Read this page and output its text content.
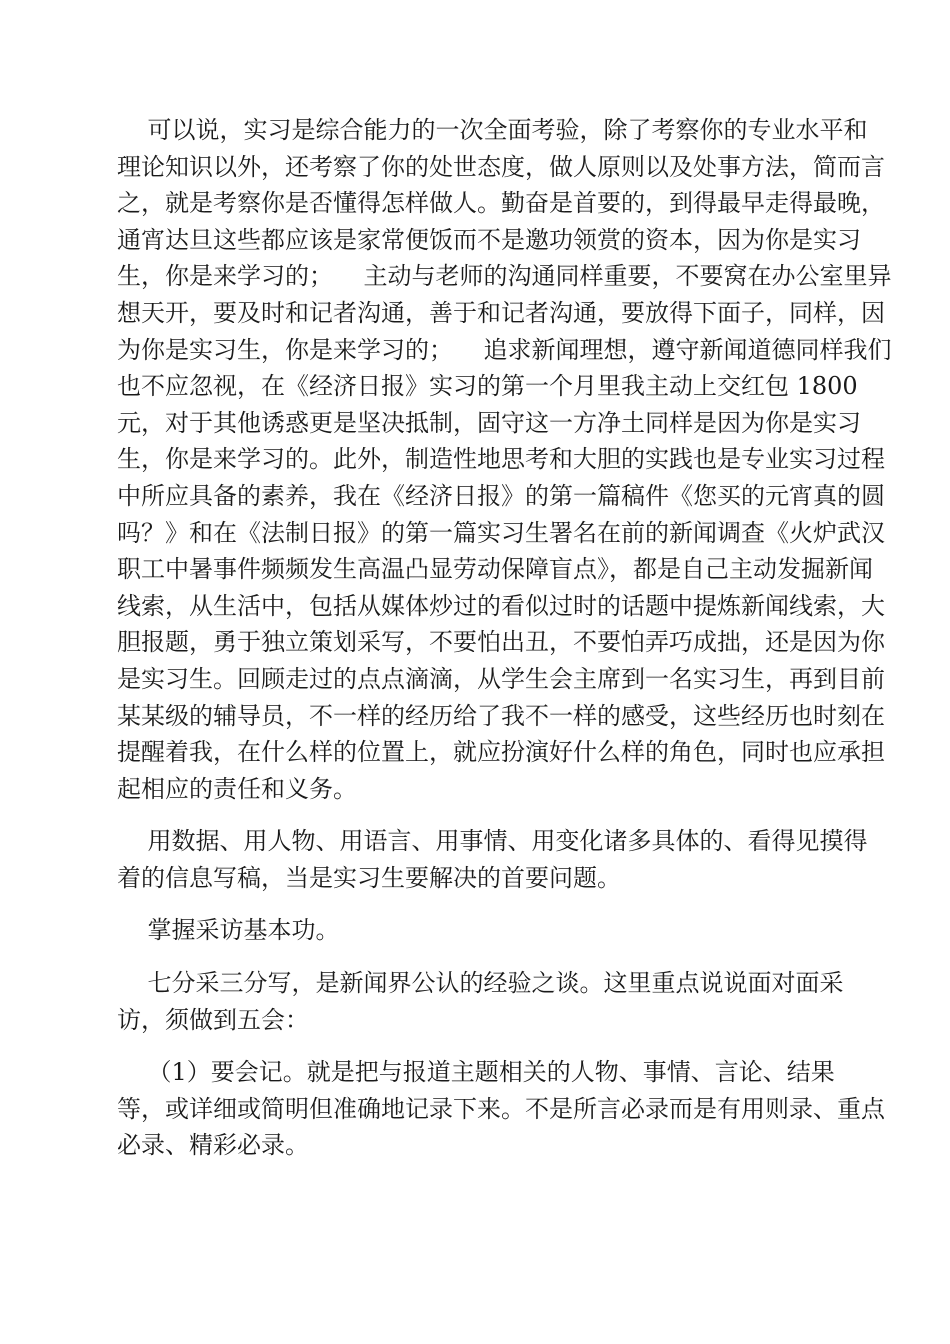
可以说，实习是综合能力的一次全面考验，除了考察你的专业水平和
理论知识以外，还考察了你的处世态度，做人原则以及处事方法，简而言
之，就是考察你是否懂得怎样做人。勤奋是首要的，到得最早走得最晚，
通宵达旦这些都应该是家常便饭而不是邀功领赏的资本，因为你是实习
生，你是来学习的；    主动与老师的沟通同样重要，不要窝在办公室里异
想天开，要及时和记者沟通，善于和记者沟通，要放得下面子，同样，因
为你是实习生，你是来学习的；    追求新闻理想，遵守新闻道德同样我们
也不应忽视，在《经济日报》实习的第一个月里我主动上交红包 1800
元，对于其他诱惑更是坚决抵制，固守这一方净土同样是因为你是实习
生，你是来学习的。此外，制造性地思考和大胆的实践也是专业实习过程
中所应具备的素养，我在《经济日报》的第一篇稿件《您买的元宵真的圆
吗？》和在《法制日报》的第一篇实习生署名在前的新闻调查《火炉武汉
职工中暑事件频频发生高温凸显劳动保障盲点》，都是自己主动发掘新闻
线索，从生活中，包括从媒体炒过的看似过时的话题中提炼新闻线索，大
胆报题，勇于独立策划采写，不要怕出丑，不要怕弄巧成拙，还是因为你
是实习生。回顾走过的点点滴滴，从学生会主席到一名实习生，再到目前
某某级的辅导员，不一样的经历给了我不一样的感受，这些经历也时刻在
提醒着我，在什么样的位置上，就应扮演好什么样的角色，同时也应承担
起相应的责任和义务。
用数据、用人物、用语言、用事情、用变化诸多具体的、看得见摸得
着的信息写稿，当是实习生要解决的首要问题。
掌握采访基本功。
七分采三分写，是新闻界公认的经验之谈。这里重点说说面对面采
访，须做到五会：
（1）要会记。就是把与报道主题相关的人物、事情、言论、结果
等，或详细或简明但准确地记录下来。不是所言必录而是有用则录、重点
必录、精彩必录。
